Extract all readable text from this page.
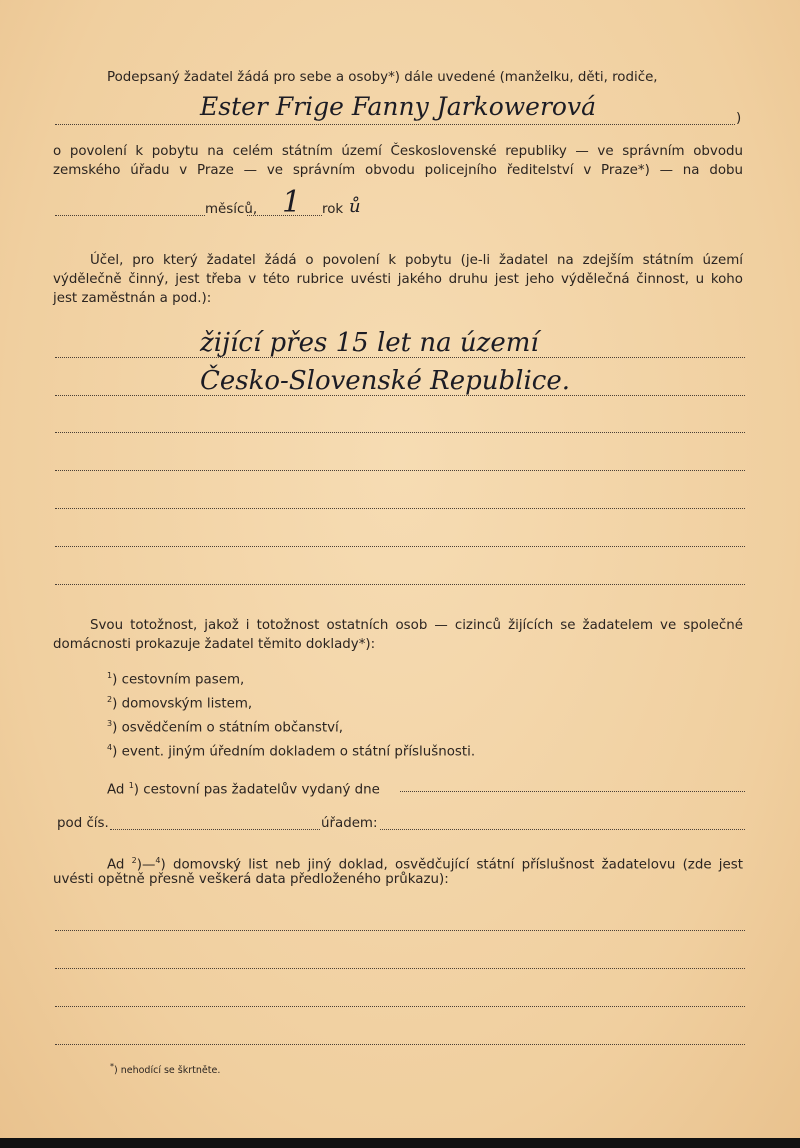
Podepsaný žadatel žádá pro sebe a osoby*) dále uvedené (manželku, děti, rodiče,
Ester Frige Fanny Jarkowerová	)
o povolení k pobytu na celém státním území Československé republiky — ve správním obvodu
zemského úřadu v Praze — ve správním obvodu policejního ředitelství v Praze*) — na dobu
měsíců, 1 rok ů
Účel, pro který žadatel žádá o povolení k pobytu (je-li žadatel na zdejším státním území
výdělečně činný, jest třeba v této rubrice uvésti jakého druhu jest jeho výdělečná činnost, u koho
jest zaměstnán a pod.):
žijící přes 15 let na území
Česko-Slovenské Republice.
Svou totožnost, jakož i totožnost ostatních osob — cizinců žijících se žadatelem ve společné
domácnosti prokazuje žadatel těmito doklady*):
$^1$) cestovním pasem,
$^2$) domovským listem,
$^3$) osvědčením o státním občanství,
$^4$) event. jiným úředním dokladem o státní příslušnosti.
Ad $^1$) cestovní pas žadatelův vydaný dne
pod čís.	úřadem:
Ad $^2$)—$^4$) domovský list neb jiný doklad, osvědčující státní příslušnost žadatelovu (zde jest
uvésti opětně přesně veškerá data předloženého průkazu):
*) nehodící se škrtněte.
